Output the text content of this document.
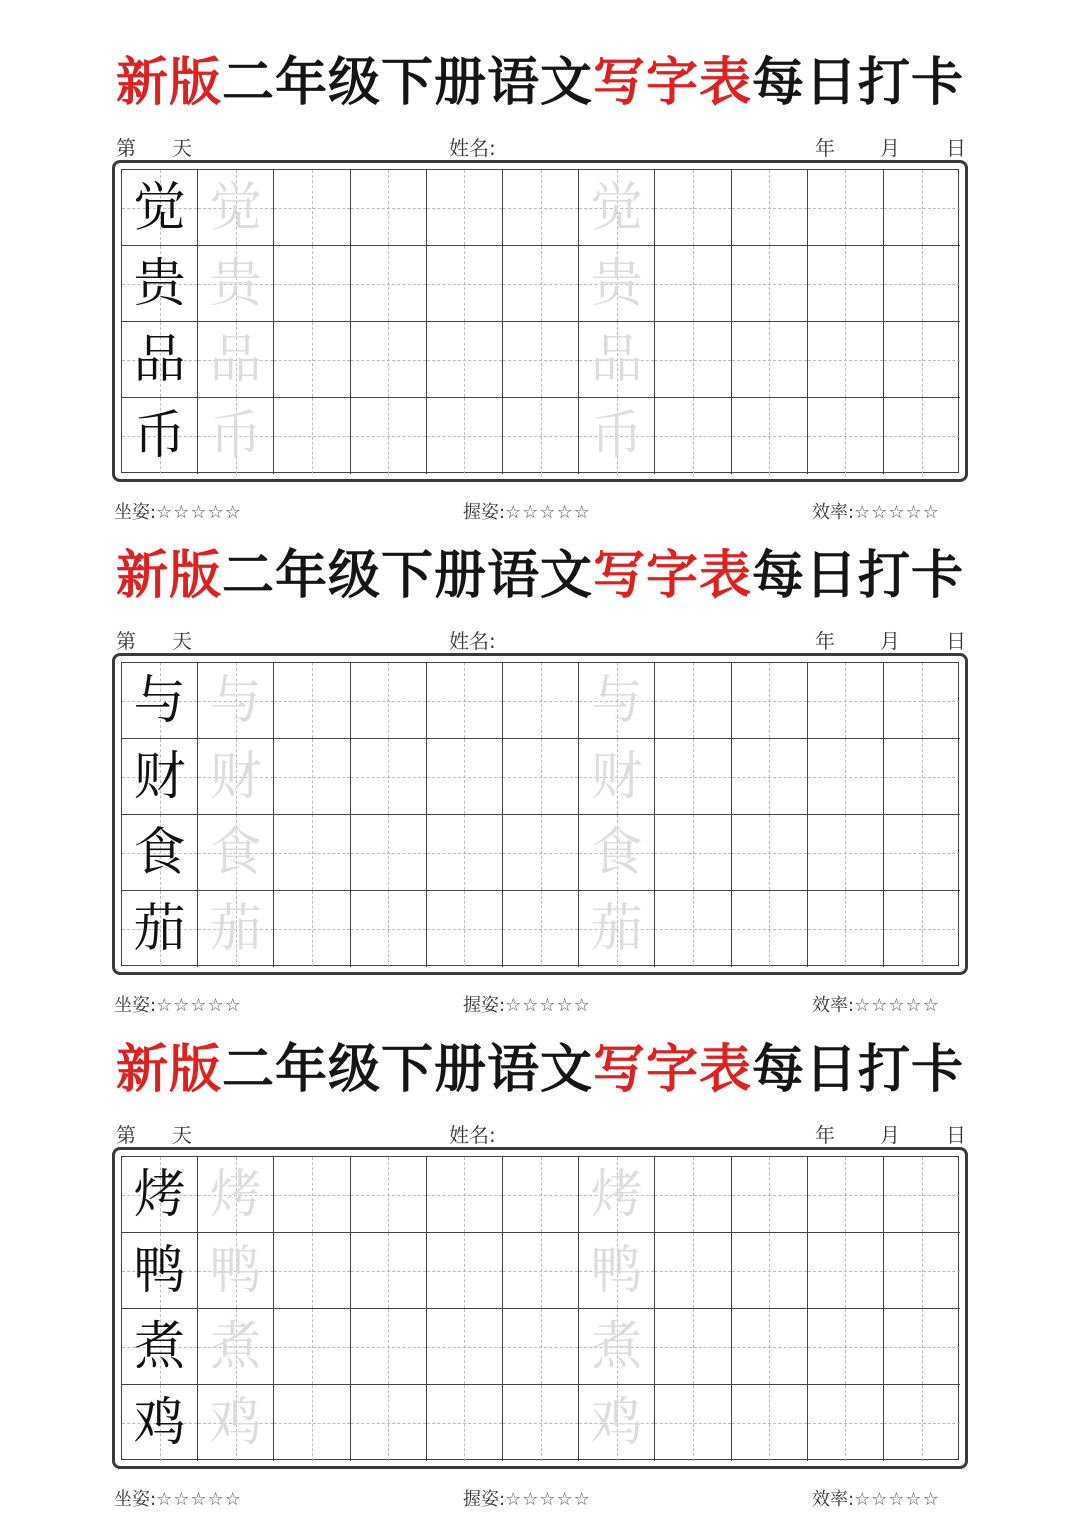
新版二年级下册语文写字表每日打卡
第 天	姓名:	年 月 日
觉 觉	觉
贵 贵	贵
品 品	品
币 币	币
坐姿:☆☆☆☆☆	握姿:☆☆☆☆☆	效率:☆☆☆☆☆
新版二年级下册语文写字表每日打卡
第 天	姓名:	年 月 日
与 与	与
财 财	财
食 食	食
茄 茄	茄
坐姿:☆☆☆☆☆	握姿:☆☆☆☆☆	效率:☆☆☆☆☆
新版二年级下册语文写字表每日打卡
第 天	姓名:	年 月 日
烤 烤	烤
鸭 鸭	鸭
煮 煮	煮
鸡 鸡	鸡
坐姿:☆☆☆☆☆	握姿:☆☆☆☆☆	效率:☆☆☆☆☆
